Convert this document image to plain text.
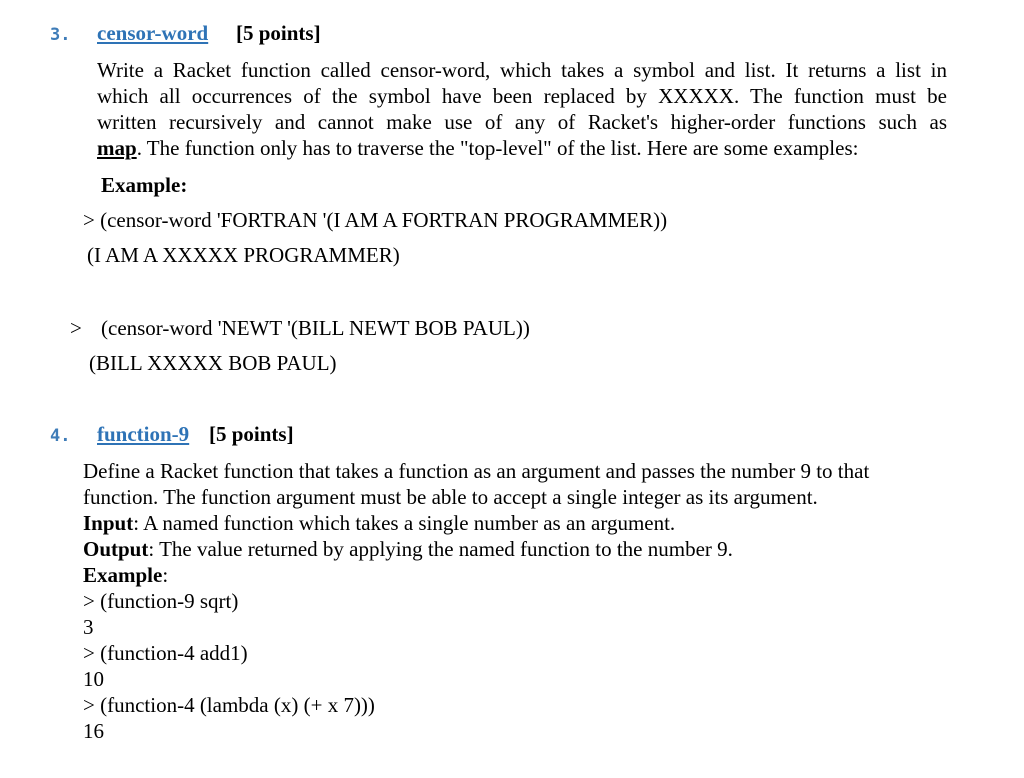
3. censor-word [5 points]
Write a Racket function called censor-word, which takes a symbol and list. It returns a list in
which all occurrences of the symbol have been replaced by XXXXX. The function must be
written recursively and cannot make use of any of Racket's higher-order functions such as
map. The function only has to traverse the "top-level" of the list. Here are some examples:
Example:
> (censor-word 'FORTRAN '(I AM A FORTRAN PROGRAMMER))
(I AM A XXXXX PROGRAMMER)
> (censor-word 'NEWT '(BILL NEWT BOB PAUL))
(BILL XXXXX BOB PAUL)
4. function-9 [5 points]
Define a Racket function that takes a function as an argument and passes the number 9 to that
function. The function argument must be able to accept a single integer as its argument.
Input: A named function which takes a single number as an argument.
Output: The value returned by applying the named function to the number 9.
Example:
> (function-9 sqrt)
3
> (function-4 add1)
10
> (function-4 (lambda (x) (+ x 7)))
16
